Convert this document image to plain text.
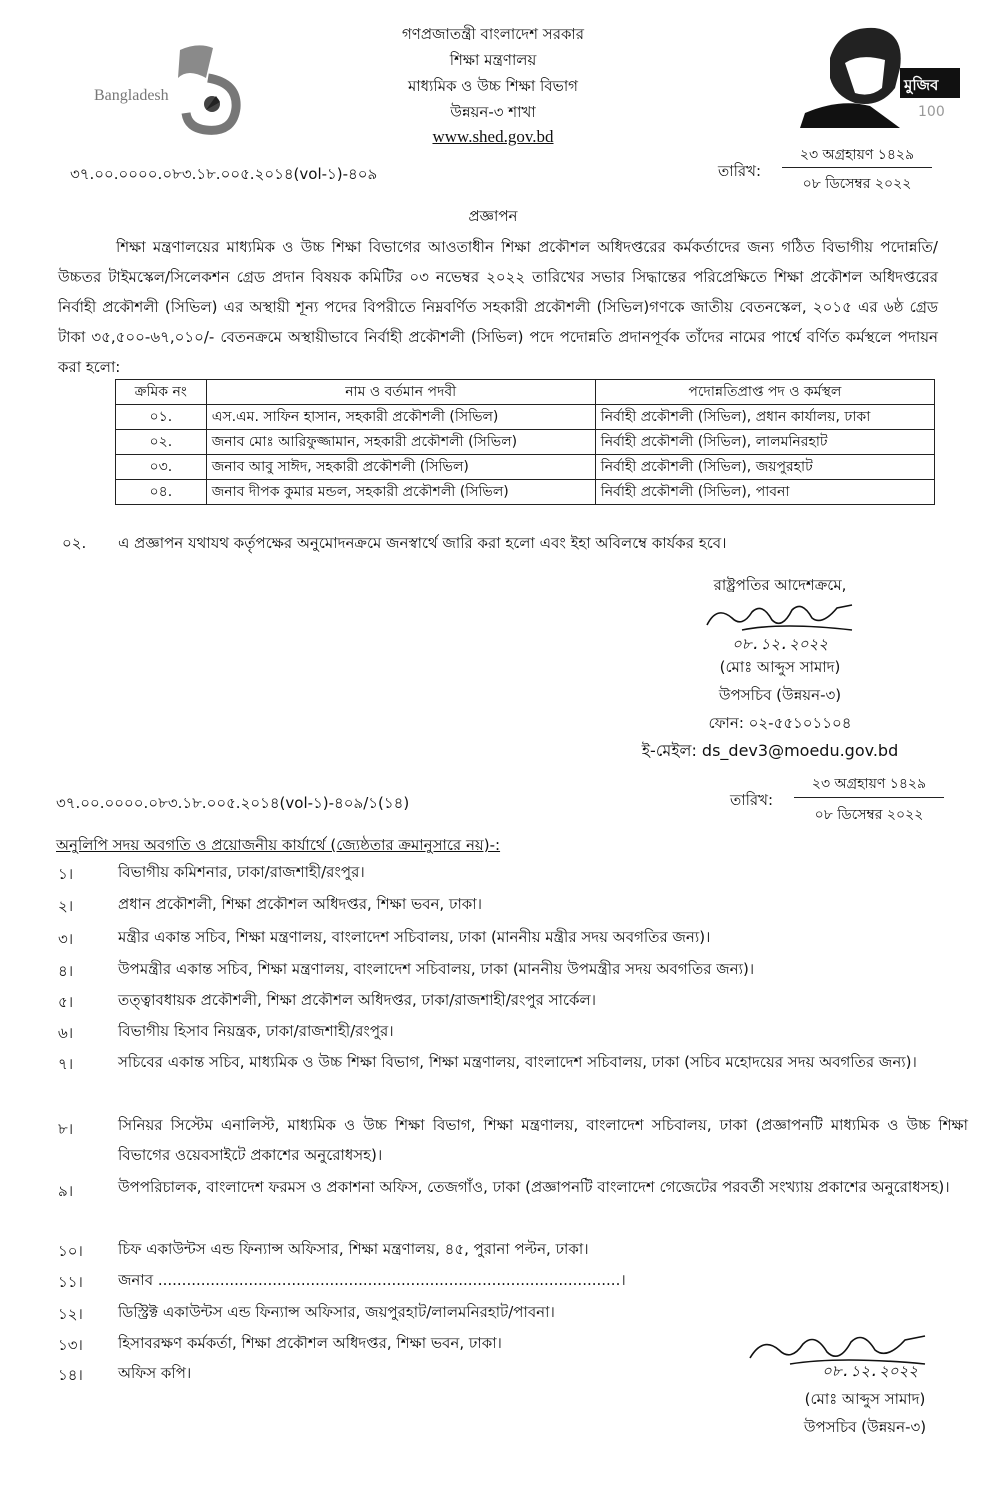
Bangladesh
গণপ্রজাতন্ত্রী বাংলাদেশ সরকার
শিক্ষা মন্ত্রণালয়
মাধ্যমিক ও উচ্চ শিক্ষা বিভাগ
উন্নয়ন-৩ শাখা
www.shed.gov.bd
মুজিব
100
৩৭.০০.০০০০.০৮৩.১৮.০০৫.২০১৪(vol-১)-৪০৯	তারিখ:
২৩ অগ্রহায়ণ ১৪২৯
০৮ ডিসেম্বর ২০২২
প্রজ্ঞাপন
শিক্ষা মন্ত্রণালয়ের মাধ্যমিক ও উচ্চ শিক্ষা বিভাগের আওতাধীন শিক্ষা প্রকৌশল অধিদপ্তরের কর্মকর্তাদের জন্য গঠিত বিভাগীয় পদোন্নতি/উচ্চতর টাইমস্কেল/সিলেকশন গ্রেড প্রদান বিষয়ক কমিটির ০৩ নভেম্বর ২০২২ তারিখের সভার সিদ্ধান্তের পরিপ্রেক্ষিতে শিক্ষা প্রকৌশল অধিদপ্তরের নির্বাহী প্রকৌশলী (সিভিল) এর অস্থায়ী শূন্য পদের বিপরীতে নিম্নবর্ণিত সহকারী প্রকৌশলী (সিভিল)গণকে জাতীয় বেতনস্কেল, ২০১৫ এর ৬ষ্ঠ গ্রেড টাকা ৩৫,৫০০-৬৭,০১০/- বেতনক্রমে অস্থায়ীভাবে নির্বাহী প্রকৌশলী (সিভিল) পদে পদোন্নতি প্রদানপূর্বক তাঁদের নামের পার্শ্বে বর্ণিত কর্মস্থলে পদায়ন করা হলো:
ক্রমিক নং	নাম ও বর্তমান পদবী	পদোন্নতিপ্রাপ্ত পদ ও কর্মস্থল
০১.	এস.এম. সাফিন হাসান, সহকারী প্রকৌশলী (সিভিল)	নির্বাহী প্রকৌশলী (সিভিল), প্রধান কার্যালয়, ঢাকা
০২.	জনাব মোঃ আরিফুজ্জামান, সহকারী প্রকৌশলী (সিভিল)	নির্বাহী প্রকৌশলী (সিভিল), লালমনিরহাট
০৩.	জনাব আবু সাঈদ, সহকারী প্রকৌশলী (সিভিল)	নির্বাহী প্রকৌশলী (সিভিল), জয়পুরহাট
০৪.	জনাব দীপক কুমার মন্ডল, সহকারী প্রকৌশলী (সিভিল)	নির্বাহী প্রকৌশলী (সিভিল), পাবনা
০২. এ প্রজ্ঞাপন যথাযথ কর্তৃপক্ষের অনুমোদনক্রমে জনস্বার্থে জারি করা হলো এবং ইহা অবিলম্বে কার্যকর হবে।
রাষ্ট্রপতির আদেশক্রমে,
০৮.১২.২০২২
(মোঃ আব্দুস সামাদ)
উপসচিব (উন্নয়ন-৩)
ফোন: ০২-৫৫১০১১০৪
ই-মেইল: ds_dev3@moedu.gov.bd
৩৭.০০.০০০০.০৮৩.১৮.০০৫.২০১৪(vol-১)-৪০৯/১(১৪)	তারিখ:
২৩ অগ্রহায়ণ ১৪২৯
০৮ ডিসেম্বর ২০২২
অনুলিপি সদয় অবগতি ও প্রয়োজনীয় কার্যার্থে (জ্যেষ্ঠতার ক্রমানুসারে নয়)-:
১।	বিভাগীয় কমিশনার, ঢাকা/রাজশাহী/রংপুর।
২।	প্রধান প্রকৌশলী, শিক্ষা প্রকৌশল অধিদপ্তর, শিক্ষা ভবন, ঢাকা।
৩।	মন্ত্রীর একান্ত সচিব, শিক্ষা মন্ত্রণালয়, বাংলাদেশ সচিবালয়, ঢাকা (মাননীয় মন্ত্রীর সদয় অবগতির জন্য)।
৪।	উপমন্ত্রীর একান্ত সচিব, শিক্ষা মন্ত্রণালয়, বাংলাদেশ সচিবালয়, ঢাকা (মাননীয় উপমন্ত্রীর সদয় অবগতির জন্য)।
৫।	তত্ত্বাবধায়ক প্রকৌশলী, শিক্ষা প্রকৌশল অধিদপ্তর, ঢাকা/রাজশাহী/রংপুর সার্কেল।
৬।	বিভাগীয় হিসাব নিয়ন্ত্রক, ঢাকা/রাজশাহী/রংপুর।
৭।	সচিবের একান্ত সচিব, মাধ্যমিক ও উচ্চ শিক্ষা বিভাগ, শিক্ষা মন্ত্রণালয়, বাংলাদেশ সচিবালয়, ঢাকা (সচিব মহোদয়ের সদয় অবগতির জন্য)।
৮।	সিনিয়র সিস্টেম এনালিস্ট, মাধ্যমিক ও উচ্চ শিক্ষা বিভাগ, শিক্ষা মন্ত্রণালয়, বাংলাদেশ সচিবালয়, ঢাকা (প্রজ্ঞাপনটি মাধ্যমিক ও উচ্চ শিক্ষা বিভাগের ওয়েবসাইটে প্রকাশের অনুরোধসহ)।
৯।	উপপরিচালক, বাংলাদেশ ফরমস ও প্রকাশনা অফিস, তেজগাঁও, ঢাকা (প্রজ্ঞাপনটি বাংলাদেশ গেজেটের পরবর্তী সংখ্যায় প্রকাশের অনুরোধসহ)।
১০।	চিফ একাউন্টস এন্ড ফিন্যান্স অফিসার, শিক্ষা মন্ত্রণালয়, ৪৫, পুরানা পল্টন, ঢাকা।
১১।	জনাব .................................................................................................।
১২।	ডিস্ট্রিক্ট একাউন্টস এন্ড ফিন্যান্স অফিসার, জয়পুরহাট/লালমনিরহাট/পাবনা।
১৩।	হিসাবরক্ষণ কর্মকর্তা, শিক্ষা প্রকৌশল অধিদপ্তর, শিক্ষা ভবন, ঢাকা।
১৪।	অফিস কপি।	০৮.১২.২০২২
(মোঃ আব্দুস সামাদ)
উপসচিব (উন্নয়ন-৩)
